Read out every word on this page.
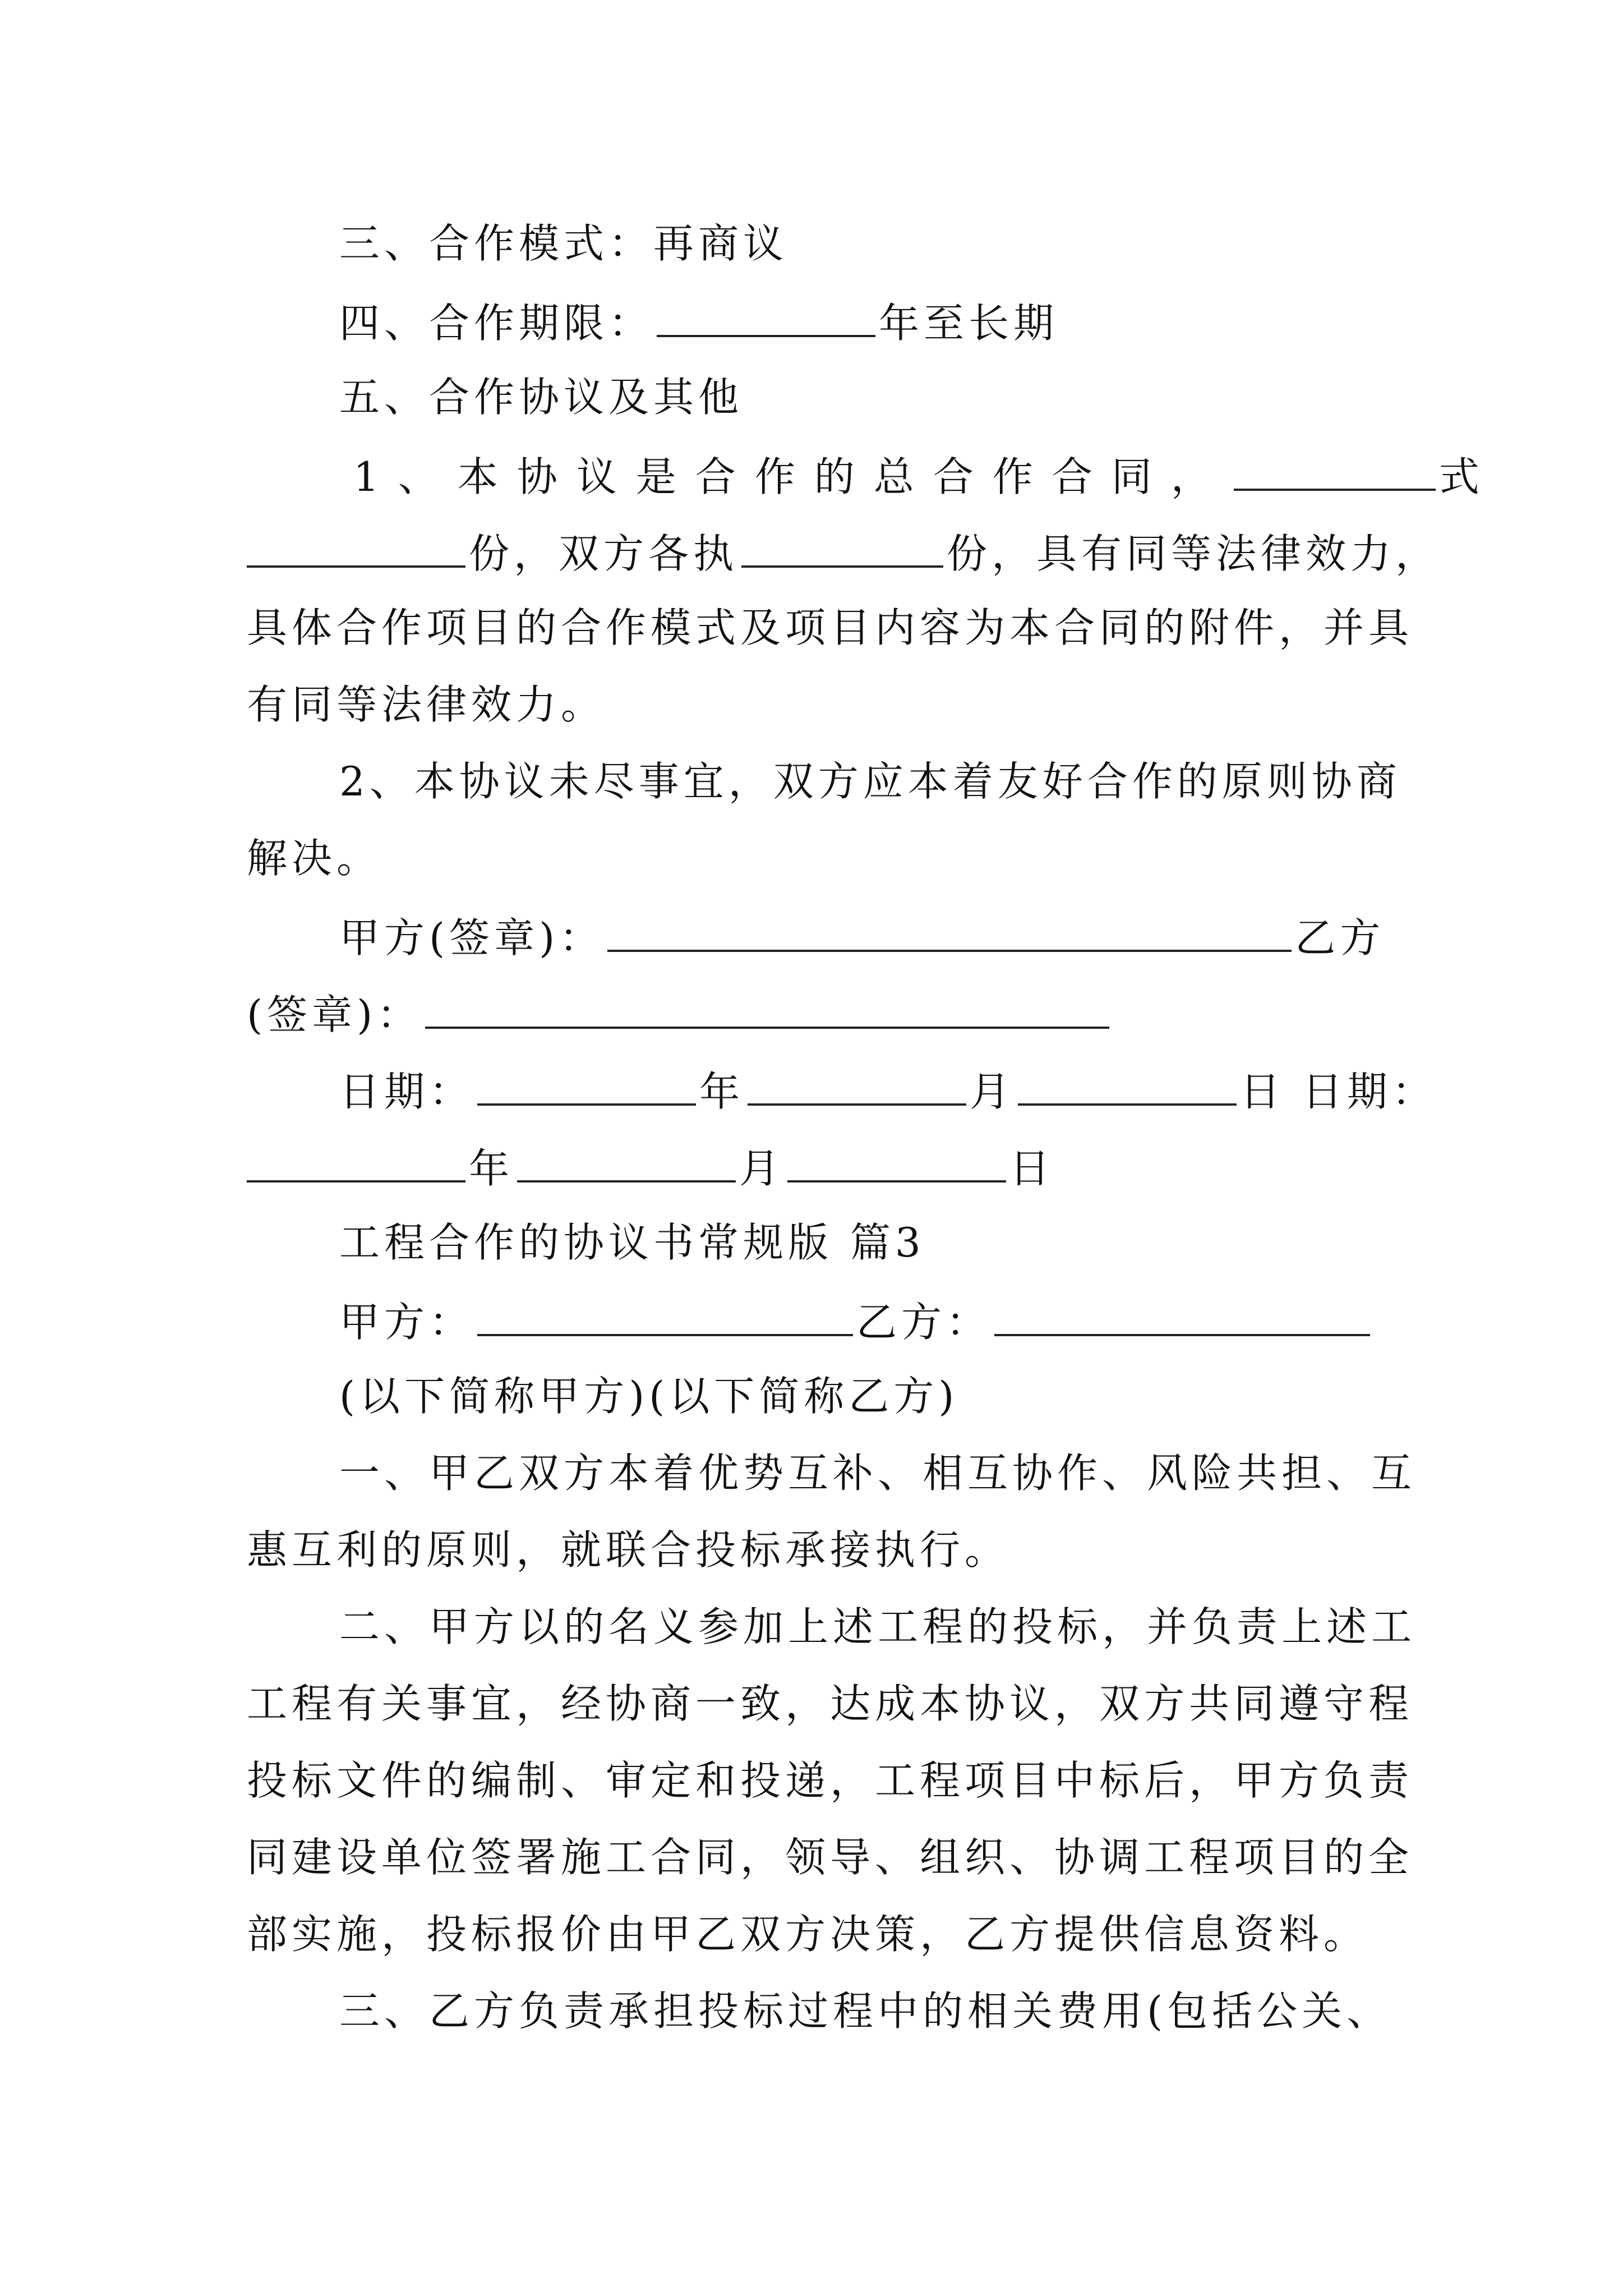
三、合作模式：再商议
四、合作期限：	年至长期
五、合作协议及其他
1、本协议是合作的总合作合同，	式
份，双方各执	份，具有同等法律效力，
具体合作项目的合作模式及项目内容为本合同的附件，并具
有同等法律效力。
2、本协议未尽事宜，双方应本着友好合作的原则协商
解决。
甲方(签章)：	乙方
(签章)：
日期：	年	月	日 日期：
年	月	日
工程合作的协议书常规版 篇3
甲方：	乙方：
(以下简称甲方)(以下简称乙方)
一、甲乙双方本着优势互补、相互协作、风险共担、互
惠互利的原则，就联合投标承接执行。
二、甲方以的名义参加上述工程的投标，并负责上述工
工程有关事宜，经协商一致，达成本协议，双方共同遵守程
投标文件的编制、审定和投递，工程项目中标后，甲方负责
同建设单位签署施工合同，领导、组织、协调工程项目的全
部实施，投标报价由甲乙双方决策，乙方提供信息资料。
三、乙方负责承担投标过程中的相关费用(包括公关、
